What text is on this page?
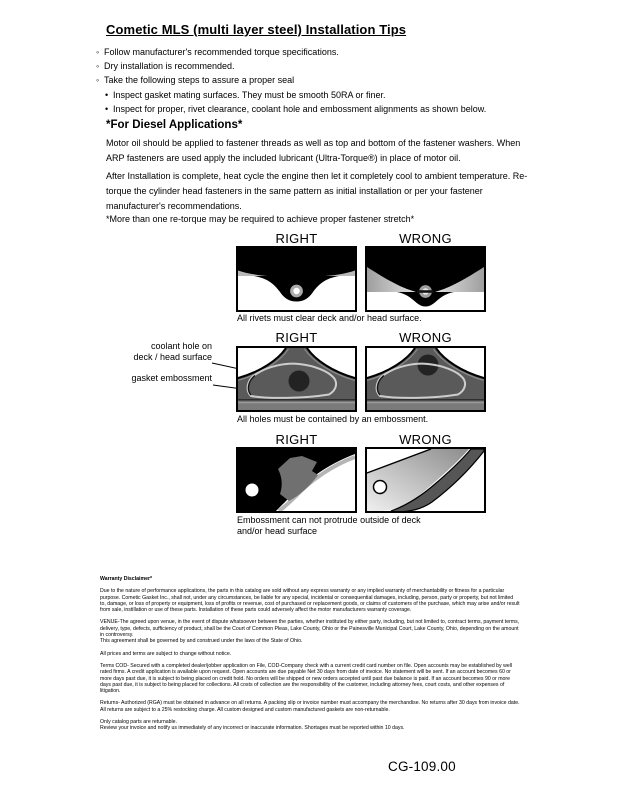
Cometic MLS (multi layer steel) Installation Tips

◦ Follow manufacturer's recommended torque specifications.

◦ Dry installation is recommended.

◦ Take the following steps to assure a proper seal

• Inspect gasket mating surfaces. They must be smooth 50RA or finer.

• Inspect for proper, rivet clearance, coolant hole and embossment alignments as shown below.

*For Diesel Applications*

Motor oil should be applied to fastener threads as well as top and bottom of the fastener washers. When ARP fasteners are used apply the included lubricant (Ultra-Torque®) in place of motor oil.

After Installation is complete, heat cycle the engine then let it completely cool to ambient temperature. Re-torque the cylinder head fasteners in the same pattern as initial installation or per your fastener manufacturer's recommendations.

*More than one re-torque may be required to achieve proper fastener stretch*

RIGHT	WRONG
All rivets must clear deck and/or head surface.
RIGHT	WRONG
coolant hole on
deck / head surface
gasket embossment
All holes must be contained by an embossment.
RIGHT	WRONG
Embossment can not protrude outside of deck
and/or head surface

Warranty Disclaimer*

Due to the nature of performance applications, the parts in this catalog are sold without any express warranty or any implied warranty of merchantability or fitness for a particular purpose. Cometic Gasket Inc., shall not, under any circumstances, be liable for any special, incidental or consequential damages, including, person, party or property, but not limited to, damage, or loss of property or equipment, loss of profits or revenue, cost of purchased or replacement goods, or claims of customers of the purchase, which may arise and/or result from sale, instillation or use of these parts. Installation of these parts could adversely affect the motor manufacturers warranty coverage.

VENUE-The agreed upon venue, in the event of dispute whatsoever between the parties, whether instituted by either party, including, but not limited to, contract terms, payment terms, delivery, type, defects, sufficiency of product, shall be the Court of Common Pleas, Lake County, Ohio or the Painesville Municipal Court, Lake County, Ohio, depending on the amount in controversy.

This agreement shall be governed by and construed under the laws of the State of Ohio.

All prices and terms are subject to change without notice.

Terms COD- Secured with a completed dealer/jobber application on File, COD-Company check with a current credit card number on file. Open accounts may be established by well rated firms. A credit application is available upon request. Open accounts are due payable Net 30 days from date of invoice. No statement will be sent. If an account becomes 60 or more days past due, it is subject to being placed on credit hold. No orders will be shipped or new orders accepted until past due balance is paid. If an account becomes 90 or more days past due, it is subject to being placed for collections. All costs of collection are the responsibility of the customer, including attorney fees, court costs, and other expenses of litigation.

Returns- Authorized (RGA) must be obtained in advance on all returns. A packing slip or invoice number must accompany the merchandise. No returns after 30 days from invoice date. All returns are subject to a 25% restocking charge. All custom designed and custom manufactured gaskets are non-returnable.

Only catalog parts are returnable.

Review your invoice and notify us immediately of any incorrect or inaccurate information. Shortages must be reported within 10 days.

CG-109.00
